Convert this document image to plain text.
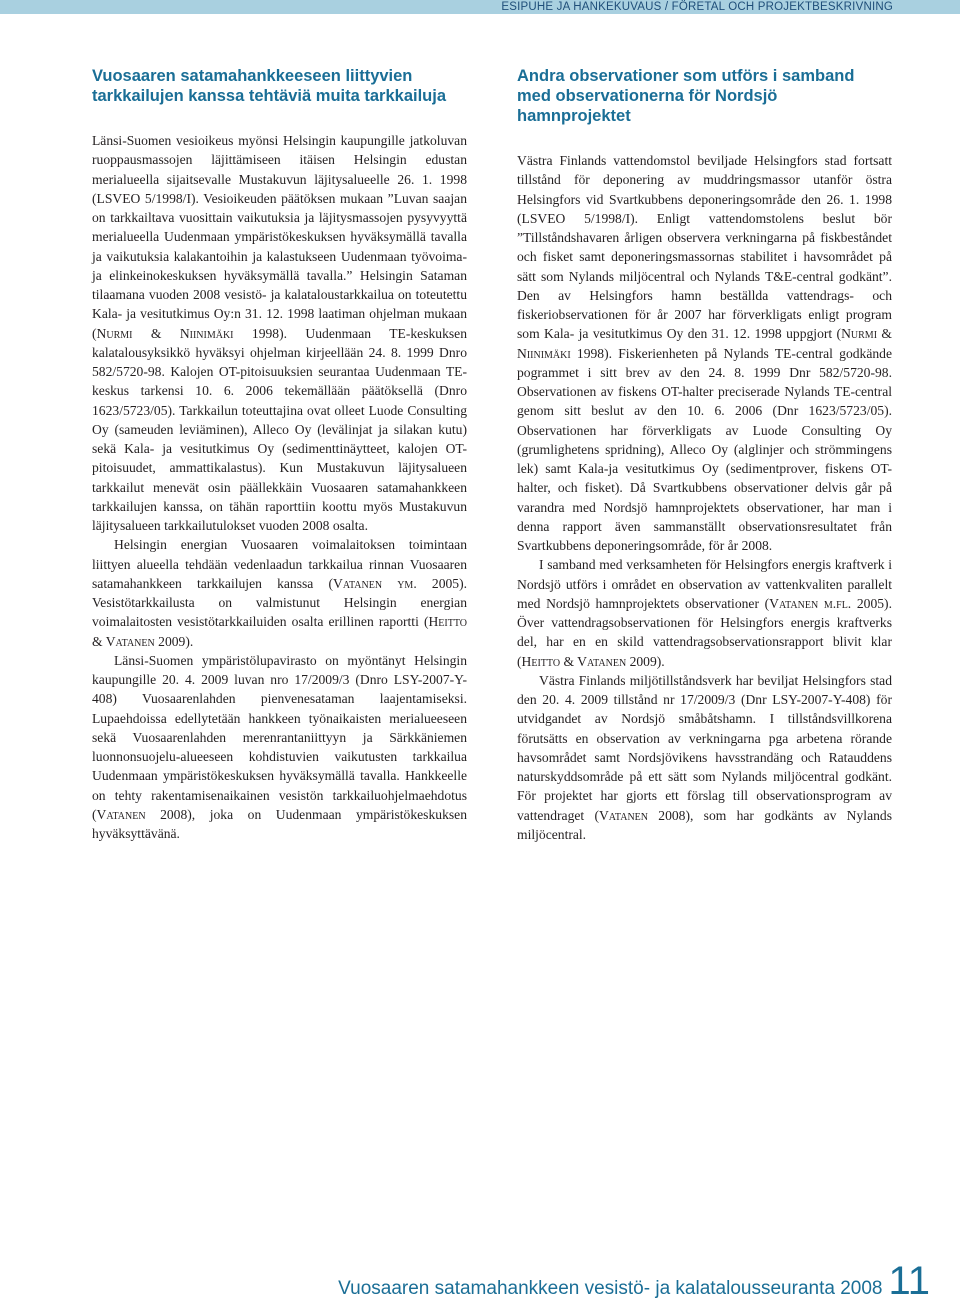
ESIPUHE JA HANKEKUVAUS / FÖRETAL OCH PROJEKTBESKRIVNING
Vuosaaren satamahankkeeseen liittyvien
tarkkailujen kanssa tehtäviä muita tarkkailuja

Länsi-Suomen vesioikeus myönsi Helsingin kaupungille jatkoluvan ruoppausmassojen läjittämiseen itäisen Helsingin edustan merialueella sijaitsevalle Mustakuvun läjitysalueelle 26. 1. 1998 (LSVEO 5/1998/I). Vesioikeuden päätöksen mukaan ”Luvan saajan on tarkkailtava vuosittain vaikutuksia ja läjitysmassojen pysyvyyttä merialueella Uudenmaan ympäristökeskuksen hyväksymällä tavalla ja vaikutuksia kalakantoihin ja kalastukseen Uudenmaan työvoima- ja elinkeinokeskuksen hyväksymällä tavalla.” Helsingin Sataman tilaamana vuoden 2008 vesistö- ja kalataloustarkkailua on toteutettu Kala- ja vesitutkimus Oy:n 31. 12. 1998 laatiman ohjelman mukaan (Nurmi & Niinimäki 1998). Uudenmaan TE-keskuksen kalatalousyksikkö hyväksyi ohjelman kirjeellään 24. 8. 1999 Dnro 582/5720-98. Kalojen OT-pitoisuuksien seurantaa Uudenmaan TE-keskus tarkensi 10. 6. 2006 tekemällään päätöksellä (Dnro 1623/5723/05). Tarkkailun toteuttajina ovat olleet Luode Consulting Oy (sameuden leviäminen), Alleco Oy (levälinjat ja silakan kutu) sekä Kala- ja vesitutkimus Oy (sedimenttinäytteet, kalojen OT-pitoisuudet, ammattikalastus). Kun Mustakuvun läjitysalueen tarkkailut menevät osin päällekkäin Vuosaaren satamahankkeen tarkkailujen kanssa, on tähän raporttiin koottu myös Mustakuvun läjitysalueen tarkkailutulokset vuoden 2008 osalta.

Helsingin energian Vuosaaren voimalaitoksen toimintaan liittyen alueella tehdään vedenlaadun tarkkailua rinnan Vuosaaren satamahankkeen tarkkailujen kanssa (Vatanen ym. 2005). Vesistötarkkailusta on valmistunut Helsingin energian voimalaitosten vesistötarkkailuiden osalta erillinen raportti (Heitto & Vatanen 2009).

Länsi-Suomen ympäristölupavirasto on myöntänyt Helsingin kaupungille 20. 4. 2009 luvan nro 17/2009/3 (Dnro LSY-2007-Y-408) Vuosaarenlahden pienvenesataman laajentamiseksi. Lupaehdoissa edellytetään hankkeen työnaikaisten merialueeseen sekä Vuosaarenlahden merenrantaniittyyn ja Särkkäniemen luonnonsuojelu-alueeseen kohdistuvien vaikutusten tarkkailua Uudenmaan ympäristökeskuksen hyväksymällä tavalla. Hankkeelle on tehty rakentamisenaikainen vesistön tarkkailuohjelmaehdotus (Vatanen 2008), joka on Uudenmaan ympäristökeskuksen hyväksyttävänä.

Andra observationer som utförs i samband
med observationerna för Nordsjö hamnprojektet

Västra Finlands vattendomstol beviljade Helsingfors stad fortsatt tillstånd för deponering av muddringsmassor utanför östra Helsingfors vid Svartkubbens deponeringsområde den 26. 1. 1998 (LSVEO 5/1998/I). Enligt vattendomstolens beslut bör ”Tillståndshavaren årligen observera verkningarna på fiskbeståndet och fisket samt deponeringsmassornas stabilitet i havsområdet på sätt som Nylands miljöcentral och Nylands T&E-central godkänt”. Den av Helsingfors hamn beställda vattendrags- och fiskeriobservationen för år 2007 har förverkligats enligt program som Kala- ja vesitutkimus Oy den 31. 12. 1998 uppgjort (Nurmi & Niinimäki 1998). Fiskerienheten på Nylands TE-central godkände pogrammet i sitt brev av den 24. 8. 1999 Dnr 582/5720-98. Observationen av fiskens OT-halter preciserade Nylands TE-central genom sitt beslut av den 10. 6. 2006 (Dnr 1623/5723/05). Observationen har förverkligats av Luode Consulting Oy (grumlighetens spridning), Alleco Oy (alglinjer och strömmingens lek) samt Kala-ja vesitutkimus Oy (sedimentprover, fiskens OT-halter, och fisket). Då Svartkubbens observationer delvis går på varandra med Nordsjö hamnprojektets observationer, har man i denna rapport även sammanställt observationsresultatet från Svartkubbens deponeringsområde, för år 2008.

I samband med verksamheten för Helsingfors energis kraftverk i Nordsjö utförs i området en observation av vattenkvaliten parallelt med Nordsjö hamnprojektets observationer (Vatanen m.fl. 2005). Över vattendragsobservationen för Helsingfors energis kraftverks del, har en en skild vattendragsobservationsrapport blivit klar (Heitto & Vatanen 2009).

Västra Finlands miljötillståndsverk har beviljat Helsingfors stad den 20. 4. 2009 tillstånd nr 17/2009/3 (Dnr LSY-2007-Y-408) för utvidgandet av Nordsjö småbåtshamn. I tillståndsvillkorena förutsätts en observation av verkningarna pga arbetena rörande havsområdet samt Nordsjövikens havsstrandäng och Ratauddens naturskyddsområde på ett sätt som Nylands miljöcentral godkänt. För projektet har gjorts ett förslag till observationsprogram av vattendraget (Vatanen 2008), som har godkänts av Nylands miljöcentral.

Vuosaaren satamahankkeen vesistö- ja kalatalousseuranta 2008 11
